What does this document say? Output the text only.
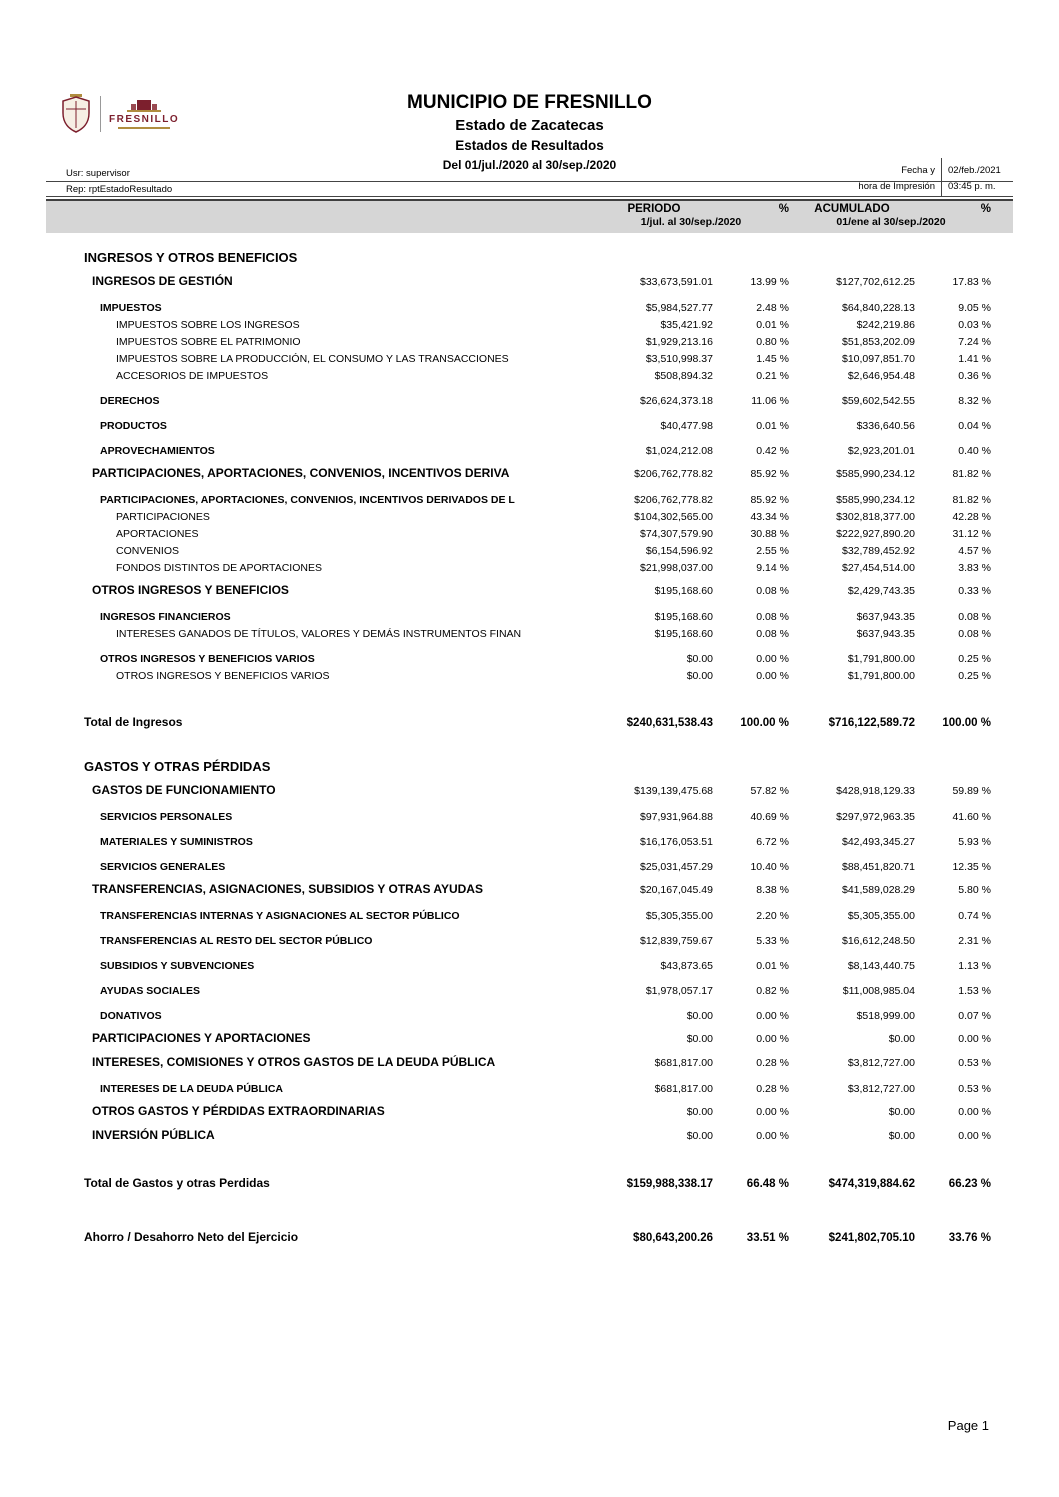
FRESNILLO
MUNICIPIO DE FRESNILLO
Estado de Zacatecas
Estados de Resultados
Del 01/jul./2020 al 30/sep./2020
Usr: supervisor
Rep: rptEstadoResultado
Fecha y
hora de Impresión
02/feb./2021
03:45 p. m.
PERIODO	%	ACUMULADO	%
1/jul. al 30/sep./2020	01/ene al 30/sep./2020
INGRESOS Y OTROS BENEFICIOS
INGRESOS DE GESTIÓN	$33,673,591.01	13.99 %	$127,702,612.25	17.83 %
IMPUESTOS	$5,984,527.77	2.48 %	$64,840,228.13	9.05 %
IMPUESTOS SOBRE LOS INGRESOS	$35,421.92	0.01 %	$242,219.86	0.03 %
IMPUESTOS SOBRE EL PATRIMONIO	$1,929,213.16	0.80 %	$51,853,202.09	7.24 %
IMPUESTOS SOBRE LA PRODUCCIÓN, EL CONSUMO Y LAS TRANSACCIONES	$3,510,998.37	1.45 %	$10,097,851.70	1.41 %
ACCESORIOS DE IMPUESTOS	$508,894.32	0.21 %	$2,646,954.48	0.36 %
DERECHOS	$26,624,373.18	11.06 %	$59,602,542.55	8.32 %
PRODUCTOS	$40,477.98	0.01 %	$336,640.56	0.04 %
APROVECHAMIENTOS	$1,024,212.08	0.42 %	$2,923,201.01	0.40 %
PARTICIPACIONES, APORTACIONES, CONVENIOS, INCENTIVOS DERIVA	$206,762,778.82	85.92 %	$585,990,234.12	81.82 %
PARTICIPACIONES, APORTACIONES, CONVENIOS, INCENTIVOS DERIVADOS DE L	$206,762,778.82	85.92 %	$585,990,234.12	81.82 %
PARTICIPACIONES	$104,302,565.00	43.34 %	$302,818,377.00	42.28 %
APORTACIONES	$74,307,579.90	30.88 %	$222,927,890.20	31.12 %
CONVENIOS	$6,154,596.92	2.55 %	$32,789,452.92	4.57 %
FONDOS DISTINTOS DE APORTACIONES	$21,998,037.00	9.14 %	$27,454,514.00	3.83 %
OTROS INGRESOS Y BENEFICIOS	$195,168.60	0.08 %	$2,429,743.35	0.33 %
INGRESOS FINANCIEROS	$195,168.60	0.08 %	$637,943.35	0.08 %
INTERESES GANADOS DE TÍTULOS, VALORES Y DEMÁS INSTRUMENTOS FINAN	$195,168.60	0.08 %	$637,943.35	0.08 %
OTROS INGRESOS Y BENEFICIOS VARIOS	$0.00	0.00 %	$1,791,800.00	0.25 %
OTROS INGRESOS Y BENEFICIOS VARIOS	$0.00	0.00 %	$1,791,800.00	0.25 %
Total de Ingresos	$240,631,538.43	100.00 %	$716,122,589.72	100.00 %
GASTOS Y OTRAS PÉRDIDAS
GASTOS DE FUNCIONAMIENTO	$139,139,475.68	57.82 %	$428,918,129.33	59.89 %
SERVICIOS PERSONALES	$97,931,964.88	40.69 %	$297,972,963.35	41.60 %
MATERIALES Y SUMINISTROS	$16,176,053.51	6.72 %	$42,493,345.27	5.93 %
SERVICIOS GENERALES	$25,031,457.29	10.40 %	$88,451,820.71	12.35 %
TRANSFERENCIAS, ASIGNACIONES, SUBSIDIOS Y OTRAS AYUDAS	$20,167,045.49	8.38 %	$41,589,028.29	5.80 %
TRANSFERENCIAS INTERNAS Y ASIGNACIONES AL SECTOR PÚBLICO	$5,305,355.00	2.20 %	$5,305,355.00	0.74 %
TRANSFERENCIAS AL RESTO DEL SECTOR PÚBLICO	$12,839,759.67	5.33 %	$16,612,248.50	2.31 %
SUBSIDIOS Y SUBVENCIONES	$43,873.65	0.01 %	$8,143,440.75	1.13 %
AYUDAS SOCIALES	$1,978,057.17	0.82 %	$11,008,985.04	1.53 %
DONATIVOS	$0.00	0.00 %	$518,999.00	0.07 %
PARTICIPACIONES Y APORTACIONES	$0.00	0.00 %	$0.00	0.00 %
INTERESES, COMISIONES Y OTROS GASTOS DE LA DEUDA PÚBLICA	$681,817.00	0.28 %	$3,812,727.00	0.53 %
INTERESES DE LA DEUDA PÚBLICA	$681,817.00	0.28 %	$3,812,727.00	0.53 %
OTROS GASTOS Y PÉRDIDAS EXTRAORDINARIAS	$0.00	0.00 %	$0.00	0.00 %
INVERSIÓN PÚBLICA	$0.00	0.00 %	$0.00	0.00 %
Total de Gastos y otras Perdidas	$159,988,338.17	66.48 %	$474,319,884.62	66.23 %
Ahorro / Desahorro Neto del Ejercicio	$80,643,200.26	33.51 %	$241,802,705.10	33.76 %
Page 1
